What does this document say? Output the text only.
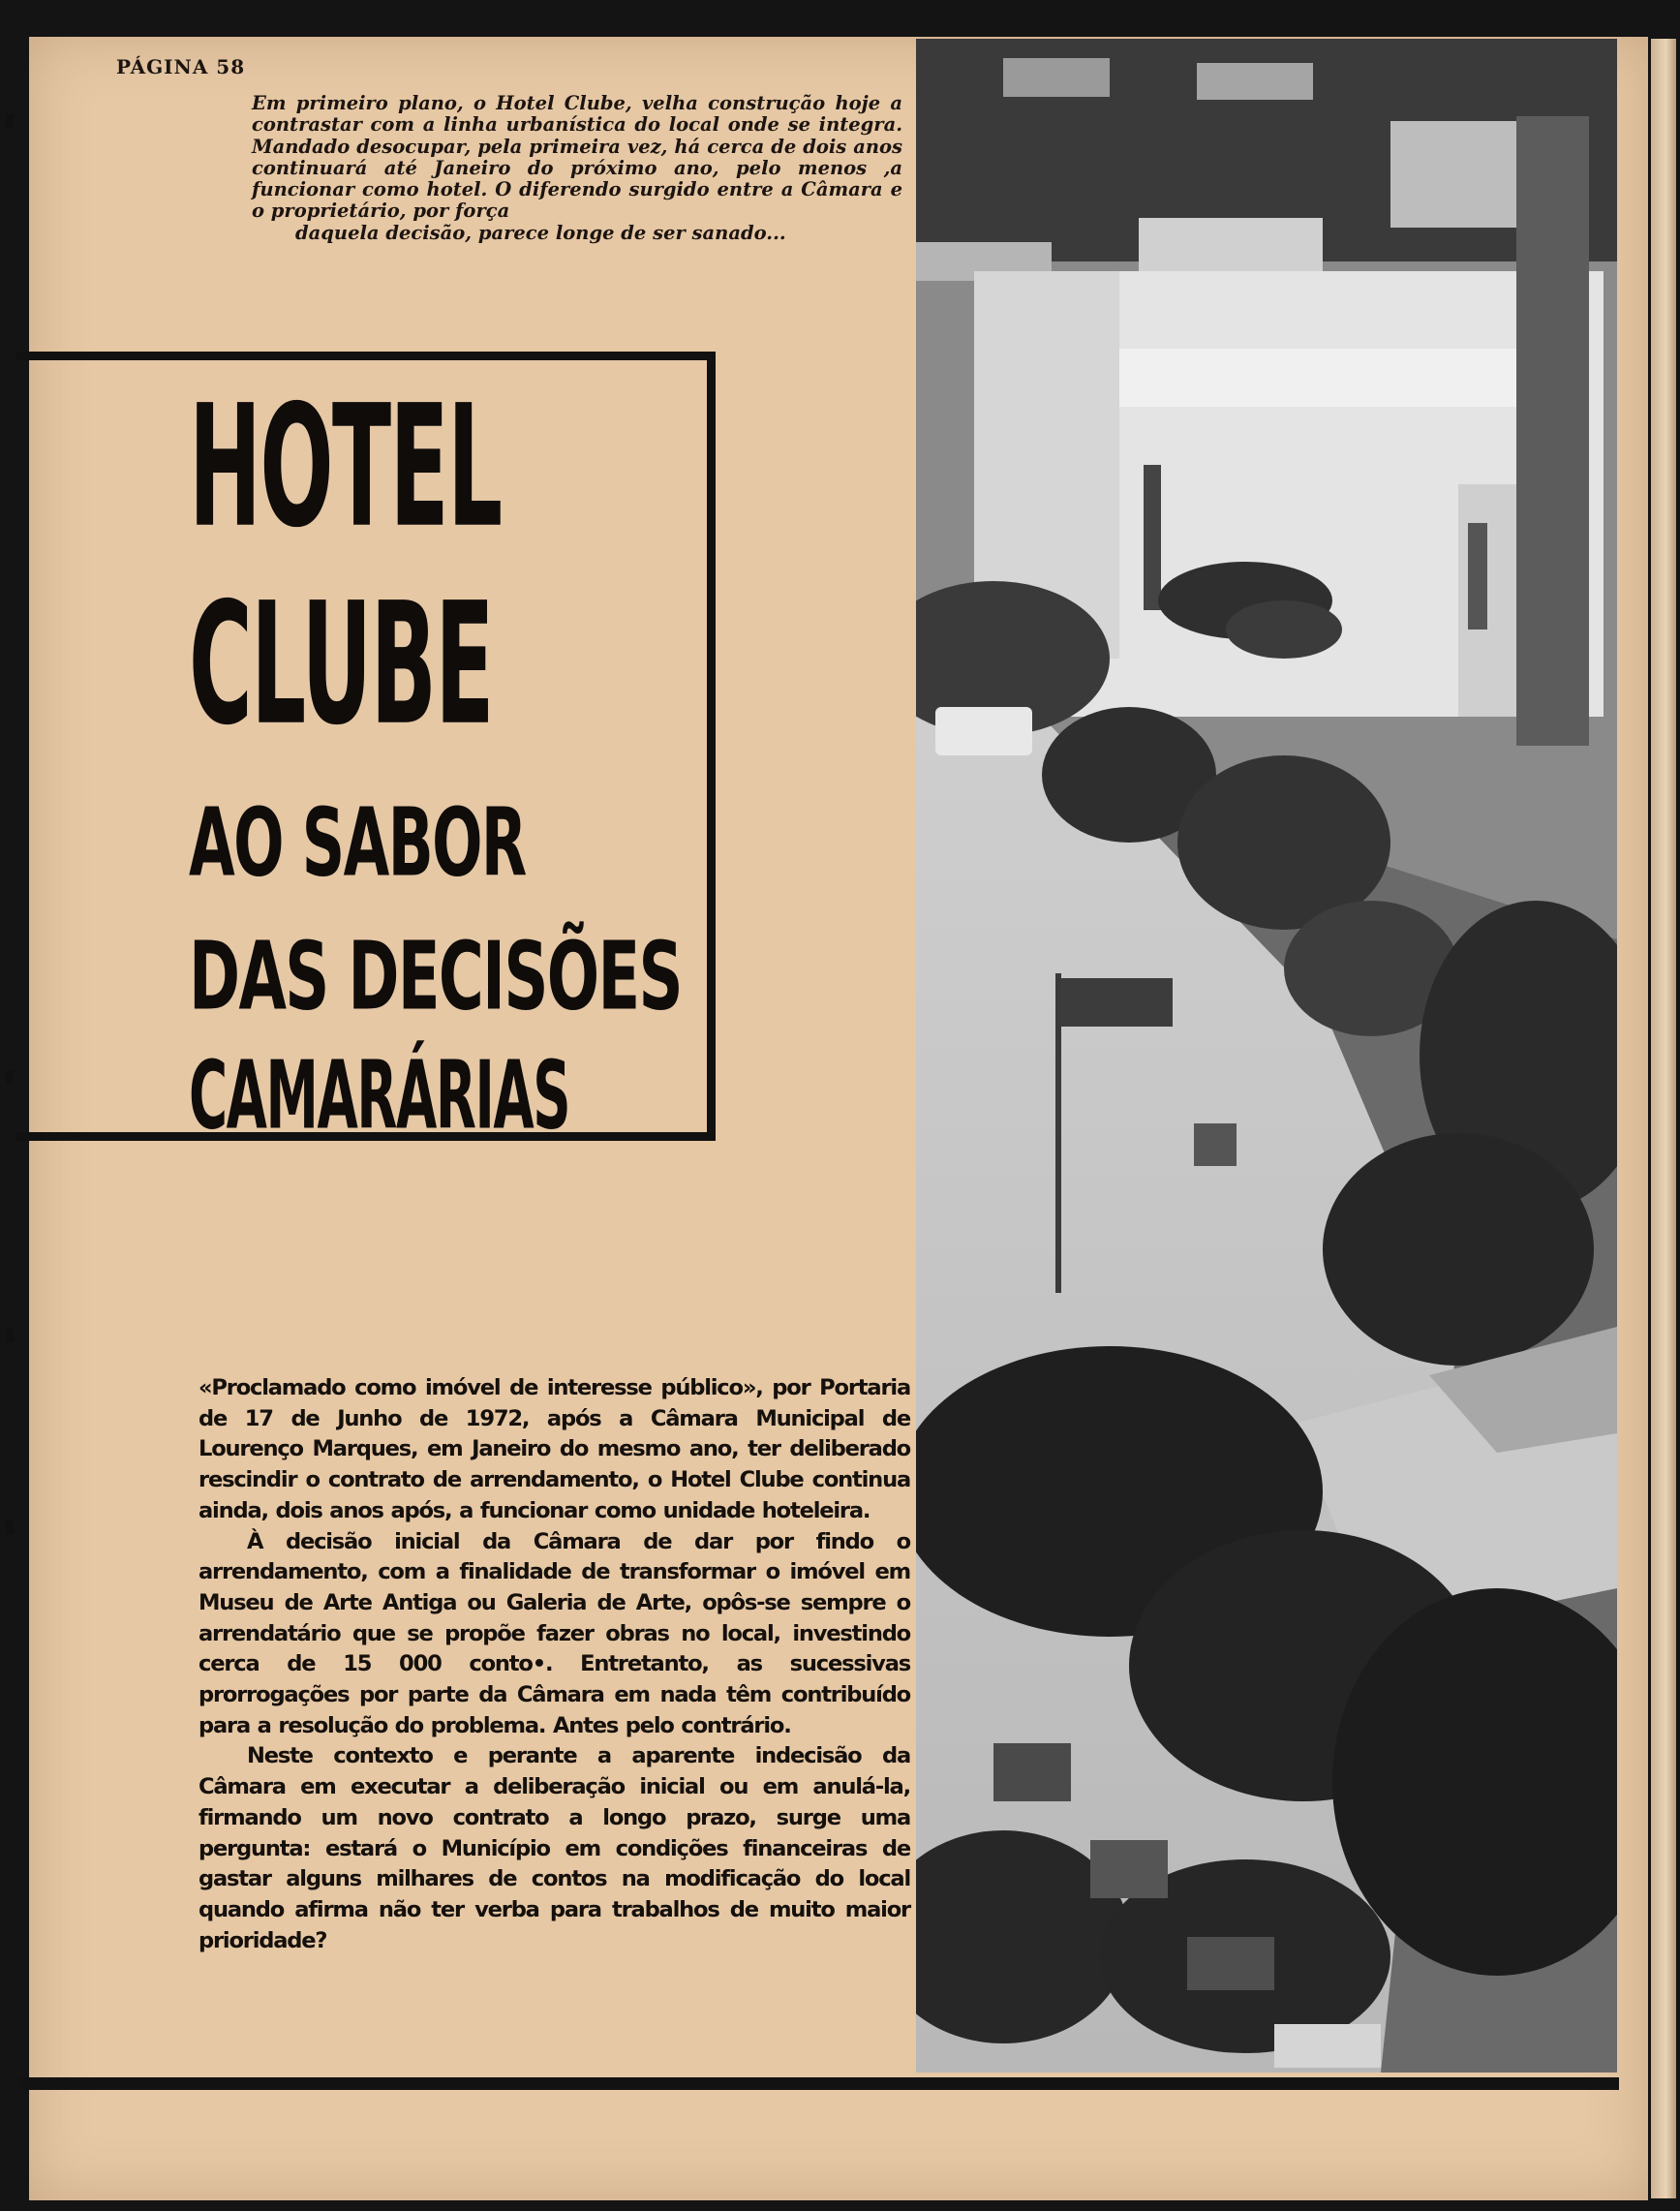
PÁGINA 58

Em primeiro plano, o Hotel Clube, velha construção hoje a contrastar com a linha urbanística do local onde se integra. Mandado desocupar, pela primeira vez, há cerca de dois anos continuará até Janeiro do próximo ano, pelo menos ,a funcionar como hotel. O diferendo surgido entre a Câmara e o proprietário, por força
daquela decisão, parece longe de ser sanado...

HOTEL
CLUBE
AO SABOR
DAS DECISÕES
CAMARÁRIAS

«Proclamado como imóvel de interesse público», por Portaria de 17 de Junho de 1972, após a Câmara Municipal de Lourenço Marques, em Janeiro do mesmo ano, ter deliberado rescindir o contrato de arrendamento, o Hotel Clube continua ainda, dois anos após, a funcionar como unidade hoteleira.

À decisão inicial da Câmara de dar por findo o arrendamento, com a finalidade de transformar o imóvel em Museu de Arte Antiga ou Galeria de Arte, opôs-se sempre o arrendatário que se propõe fazer obras no local, investindo cerca de 15 000 conto•. Entretanto, as sucessivas prorrogações por parte da Câmara em nada têm contribuído para a resolução do problema. Antes pelo contrário.

Neste contexto e perante a aparente indecisão da Câmara em executar a deliberação inicial ou em anulá-la, firmando um novo contrato a longo prazo, surge uma pergunta: estará o Município em condições financeiras de gastar alguns milhares de contos na modificação do local quando afirma não ter verba para trabalhos de muito maior prioridade?
